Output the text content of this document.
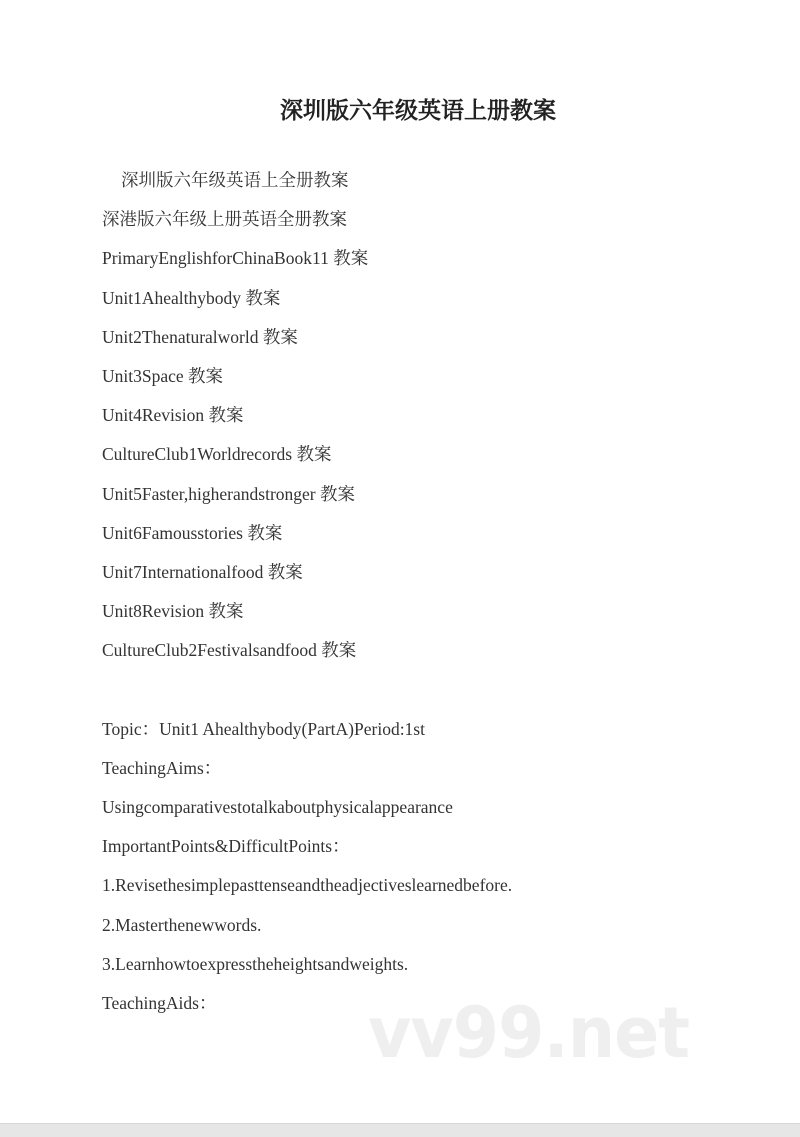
深圳版六年级英语上册教案
深圳版六年级英语上全册教案
深港版六年级上册英语全册教案
PrimaryEnglishforChinaBook11 教案
Unit1Ahealthybody 教案
Unit2Thenaturalworld 教案
Unit3Space 教案
Unit4Revision 教案
CultureClub1Worldrecords 教案
Unit5Faster,higherandstronger 教案
Unit6Famousstories 教案
Unit7Internationalfood 教案
Unit8Revision 教案
CultureClub2Festivalsandfood 教案
Topic：Unit1 Ahealthybody(PartA)Period:1st
TeachingAims：
Usingcomparativestotalkaboutphysicalappearance
ImportantPoints&DifficultPoints：
1.Revisethesimplepasttenseandtheadjectiveslearnedbefore.
2.Masterthenewwords.
3.Learnhowtoexpresstheheightsandweights.
TeachingAids：	vv99.net
